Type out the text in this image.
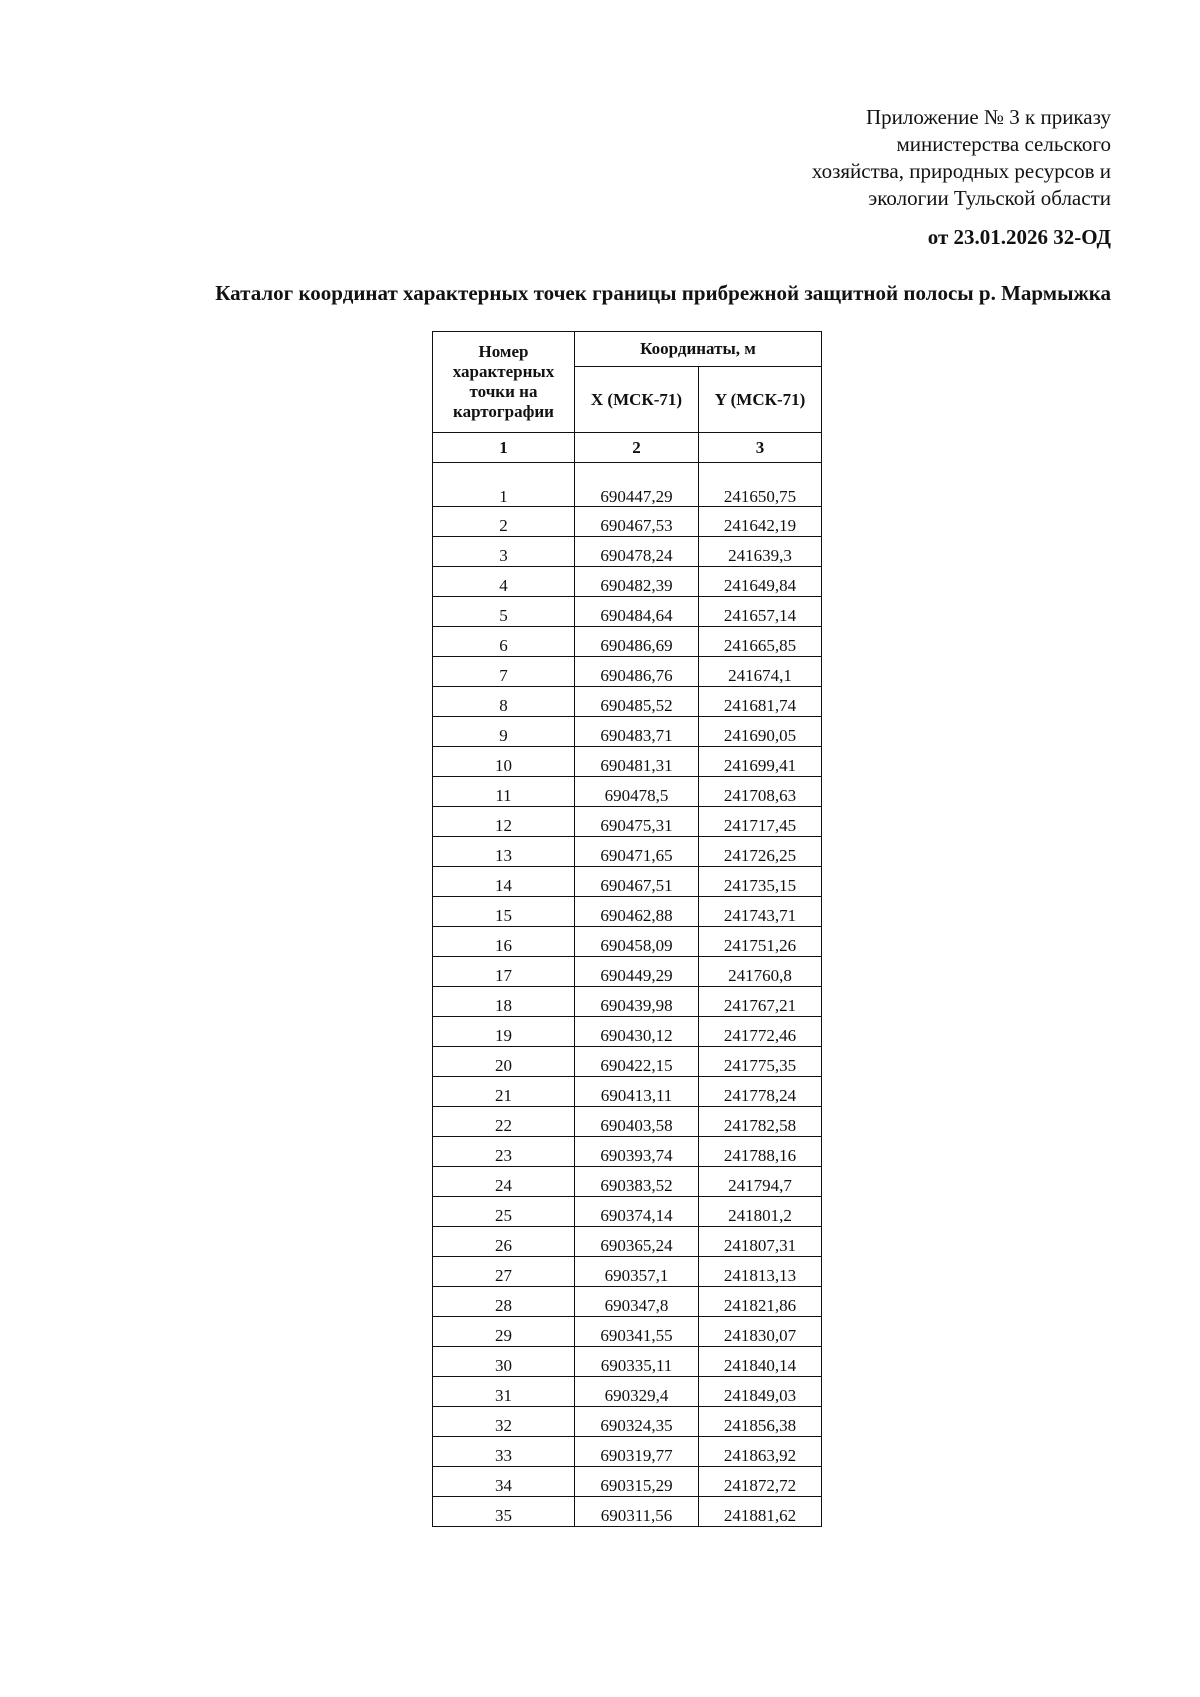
Приложение № 3 к приказу
министерства сельского
хозяйства, природных ресурсов и
экологии Тульской области
от 23.01.2026 32-ОД
Каталог координат характерных точек границы прибрежной защитной полосы р. Мармыжка
Номер характерных точки на картографии	Координаты, м	
	X (МСК-71)	Y (МСК-71)
1	2	3
1	690447,29	241650,75
2	690467,53	241642,19
3	690478,24	241639,3
4	690482,39	241649,84
5	690484,64	241657,14
6	690486,69	241665,85
7	690486,76	241674,1
8	690485,52	241681,74
9	690483,71	241690,05
10	690481,31	241699,41
11	690478,5	241708,63
12	690475,31	241717,45
13	690471,65	241726,25
14	690467,51	241735,15
15	690462,88	241743,71
16	690458,09	241751,26
17	690449,29	241760,8
18	690439,98	241767,21
19	690430,12	241772,46
20	690422,15	241775,35
21	690413,11	241778,24
22	690403,58	241782,58
23	690393,74	241788,16
24	690383,52	241794,7
25	690374,14	241801,2
26	690365,24	241807,31
27	690357,1	241813,13
28	690347,8	241821,86
29	690341,55	241830,07
30	690335,11	241840,14
31	690329,4	241849,03
32	690324,35	241856,38
33	690319,77	241863,92
34	690315,29	241872,72
35	690311,56	241881,62
